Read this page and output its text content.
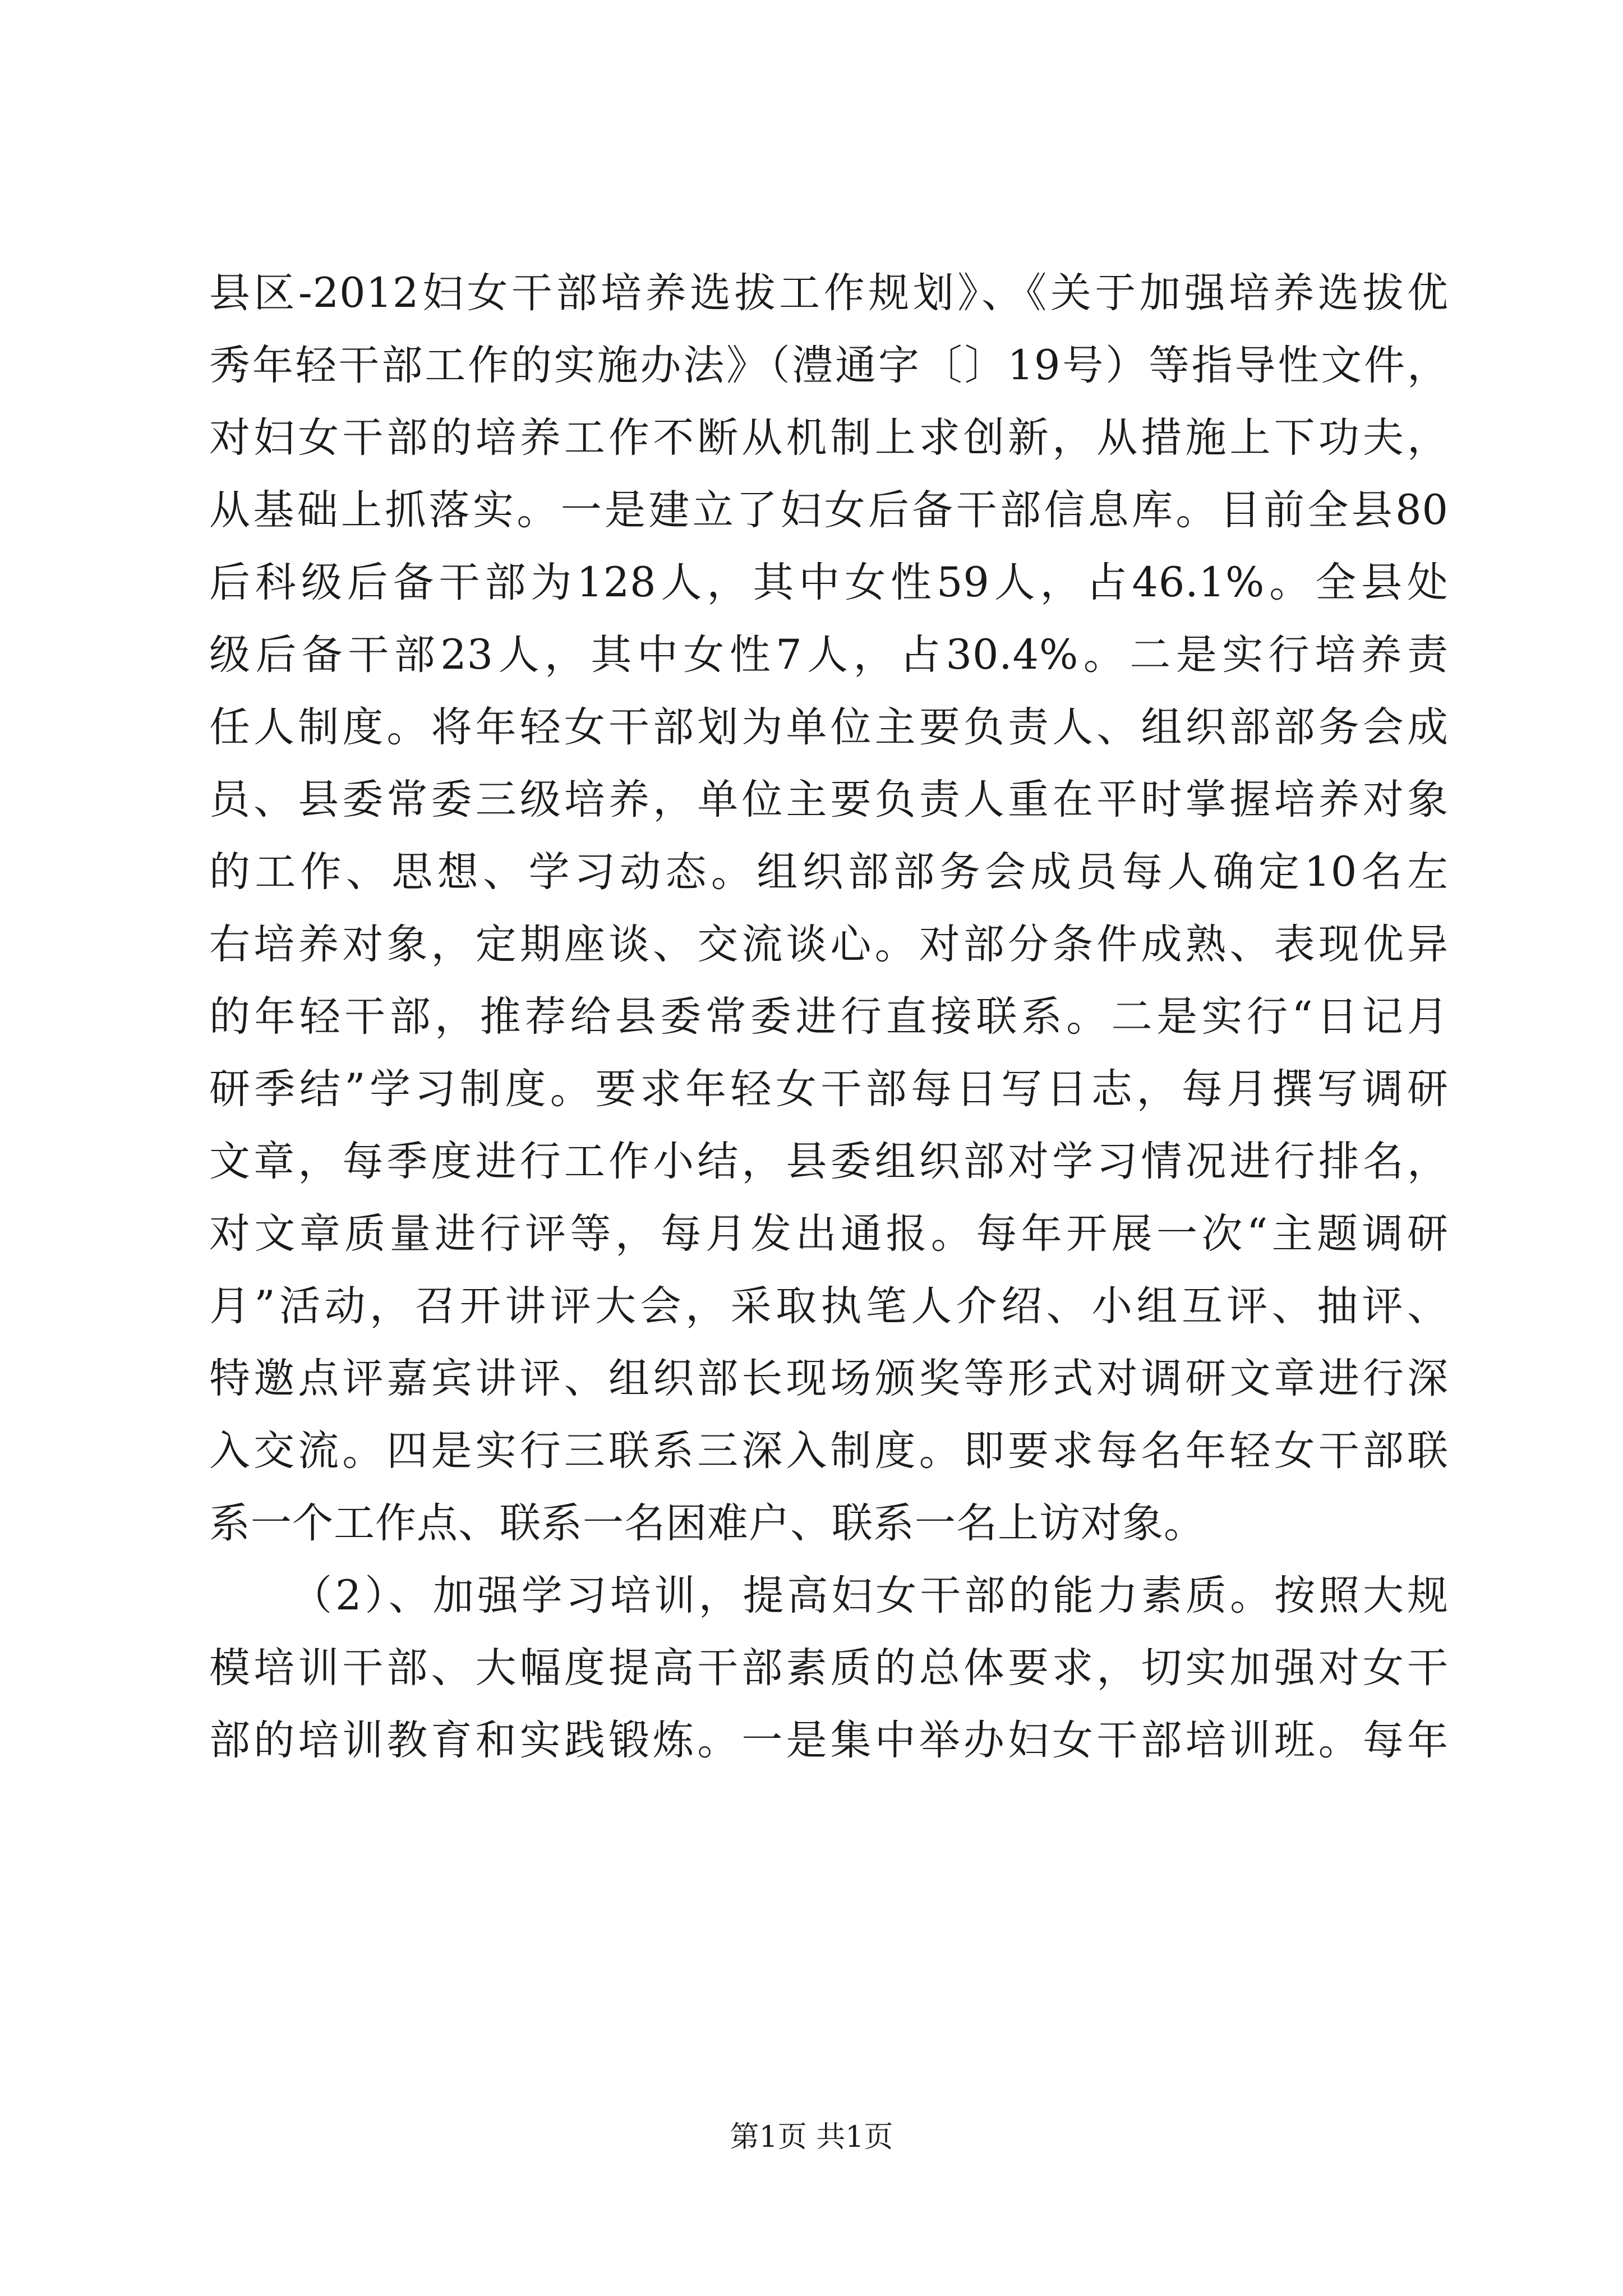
县区-2012妇女干部培养选拔工作规划》、《关于加强培养选拔优
秀年轻干部工作的实施办法》（澧通字〔〕19号）等指导性文件，
对妇女干部的培养工作不断从机制上求创新，从措施上下功夫，
从基础上抓落实。一是建立了妇女后备干部信息库。目前全县80
后科级后备干部为128人，其中女性59人，占46.1%。全县处
级后备干部23人，其中女性7人，占30.4%。二是实行培养责
任人制度。将年轻女干部划为单位主要负责人、组织部部务会成
员、县委常委三级培养，单位主要负责人重在平时掌握培养对象
的工作、思想、学习动态。组织部部务会成员每人确定10名左
右培养对象，定期座谈、交流谈心。对部分条件成熟、表现优异
的年轻干部，推荐给县委常委进行直接联系。二是实行“日记月
研季结”学习制度。要求年轻女干部每日写日志，每月撰写调研
文章，每季度进行工作小结，县委组织部对学习情况进行排名，
对文章质量进行评等，每月发出通报。每年开展一次“主题调研
月”活动，召开讲评大会，采取执笔人介绍、小组互评、抽评、
特邀点评嘉宾讲评、组织部长现场颁奖等形式对调研文章进行深
入交流。四是实行三联系三深入制度。即要求每名年轻女干部联
系一个工作点、联系一名困难户、联系一名上访对象。
（2）、加强学习培训，提高妇女干部的能力素质。按照大规
模培训干部、大幅度提高干部素质的总体要求，切实加强对女干
部的培训教育和实践锻炼。一是集中举办妇女干部培训班。每年
第1页 共1页
